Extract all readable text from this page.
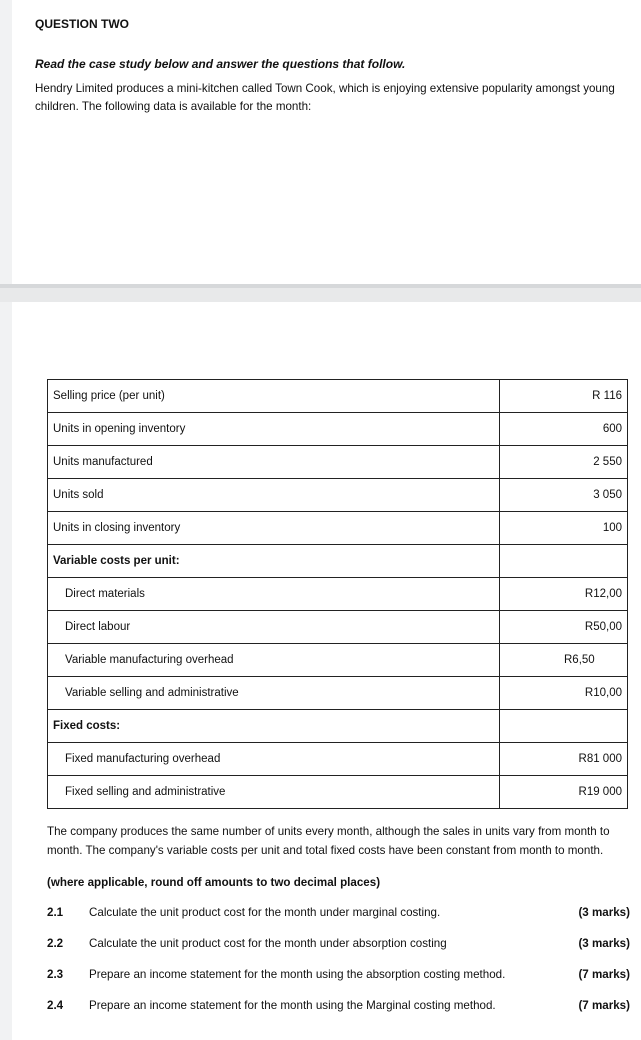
QUESTION TWO
Read the case study below and answer the questions that follow.
Hendry Limited produces a mini-kitchen called Town Cook, which is enjoying extensive popularity amongst young children. The following data is available for the month:
Selling price (per unit)	R 116
Units in opening inventory	600
Units manufactured	2 550
Units sold	3 050
Units in closing inventory	100
Variable costs per unit:	
Direct materials	R12,00
Direct labour	R50,00
Variable manufacturing overhead	R6,50

Variable selling and administrative	R10,00
Fixed costs:	
Fixed manufacturing overhead	R81 000
Fixed selling and administrative	R19 000
The company produces the same number of units every month, although the sales in units vary from month to month. The company's variable costs per unit and total fixed costs have been constant from month to month.
(where applicable, round off amounts to two decimal places)
2.1 Calculate the unit product cost for the month under marginal costing.	(3 marks)
2.2 Calculate the unit product cost for the month under absorption costing	(3 marks)
2.3 Prepare an income statement for the month using the absorption costing method.	(7 marks)
2.4 Prepare an income statement for the month using the Marginal costing method.	(7 marks)
